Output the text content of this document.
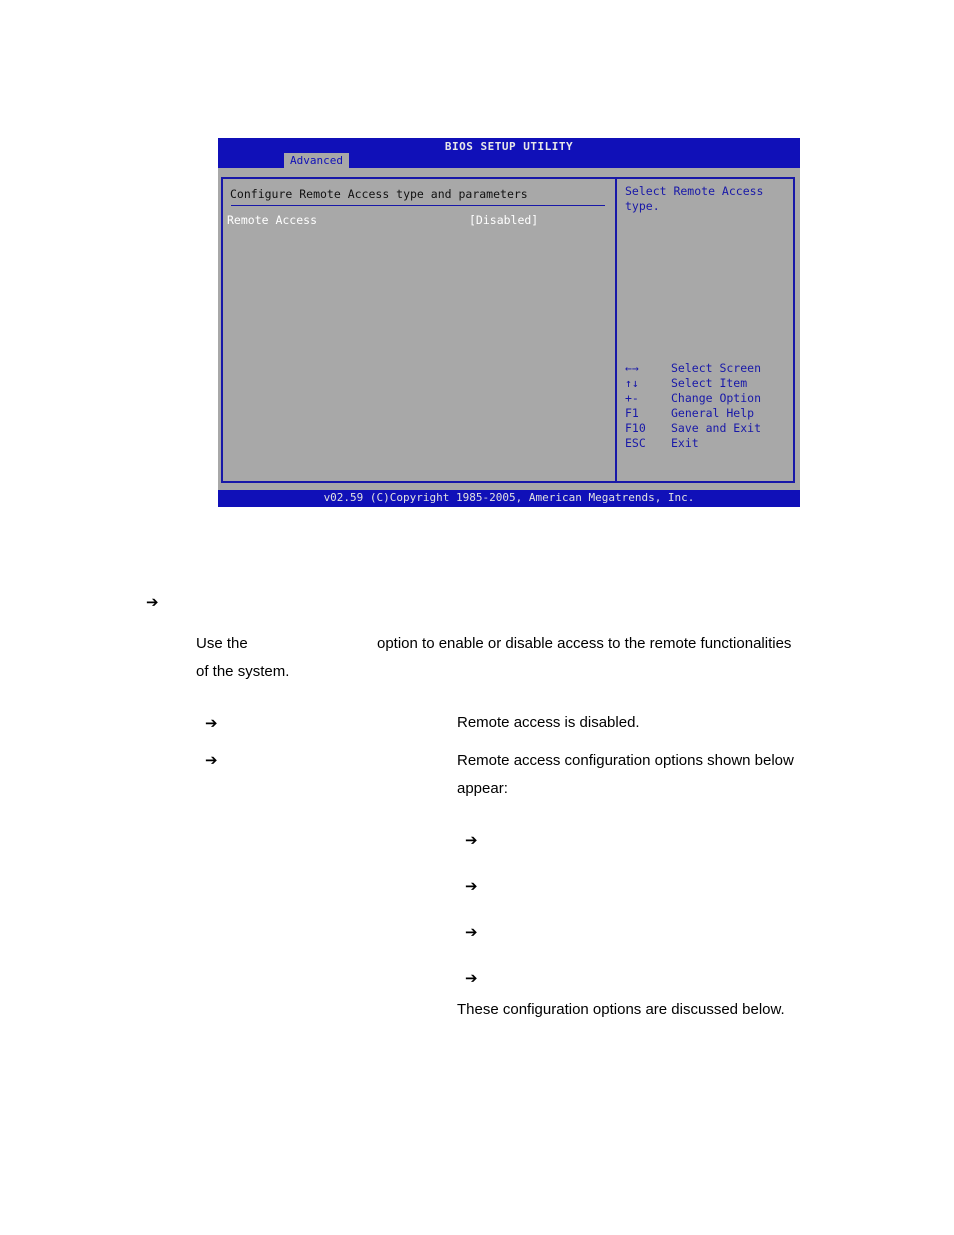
BIOS SETUP UTILITY
Advanced
Configure Remote Access type and parameters
Remote Access	[Disabled]
Select Remote Access type.
←→	Select Screen
↑↓	Select Item
+-	Change Option
F1	General Help
F10	Save and Exit
ESC	Exit
v02.59 (C)Copyright 1985-2005, American Megatrends, Inc.
➔
Use the	option to enable or disable access to the remote functionalities
of the system.
➔	Remote access is disabled.
➔	Remote access configuration options shown below
appear:
➔
➔
➔
➔
These configuration options are discussed below.
